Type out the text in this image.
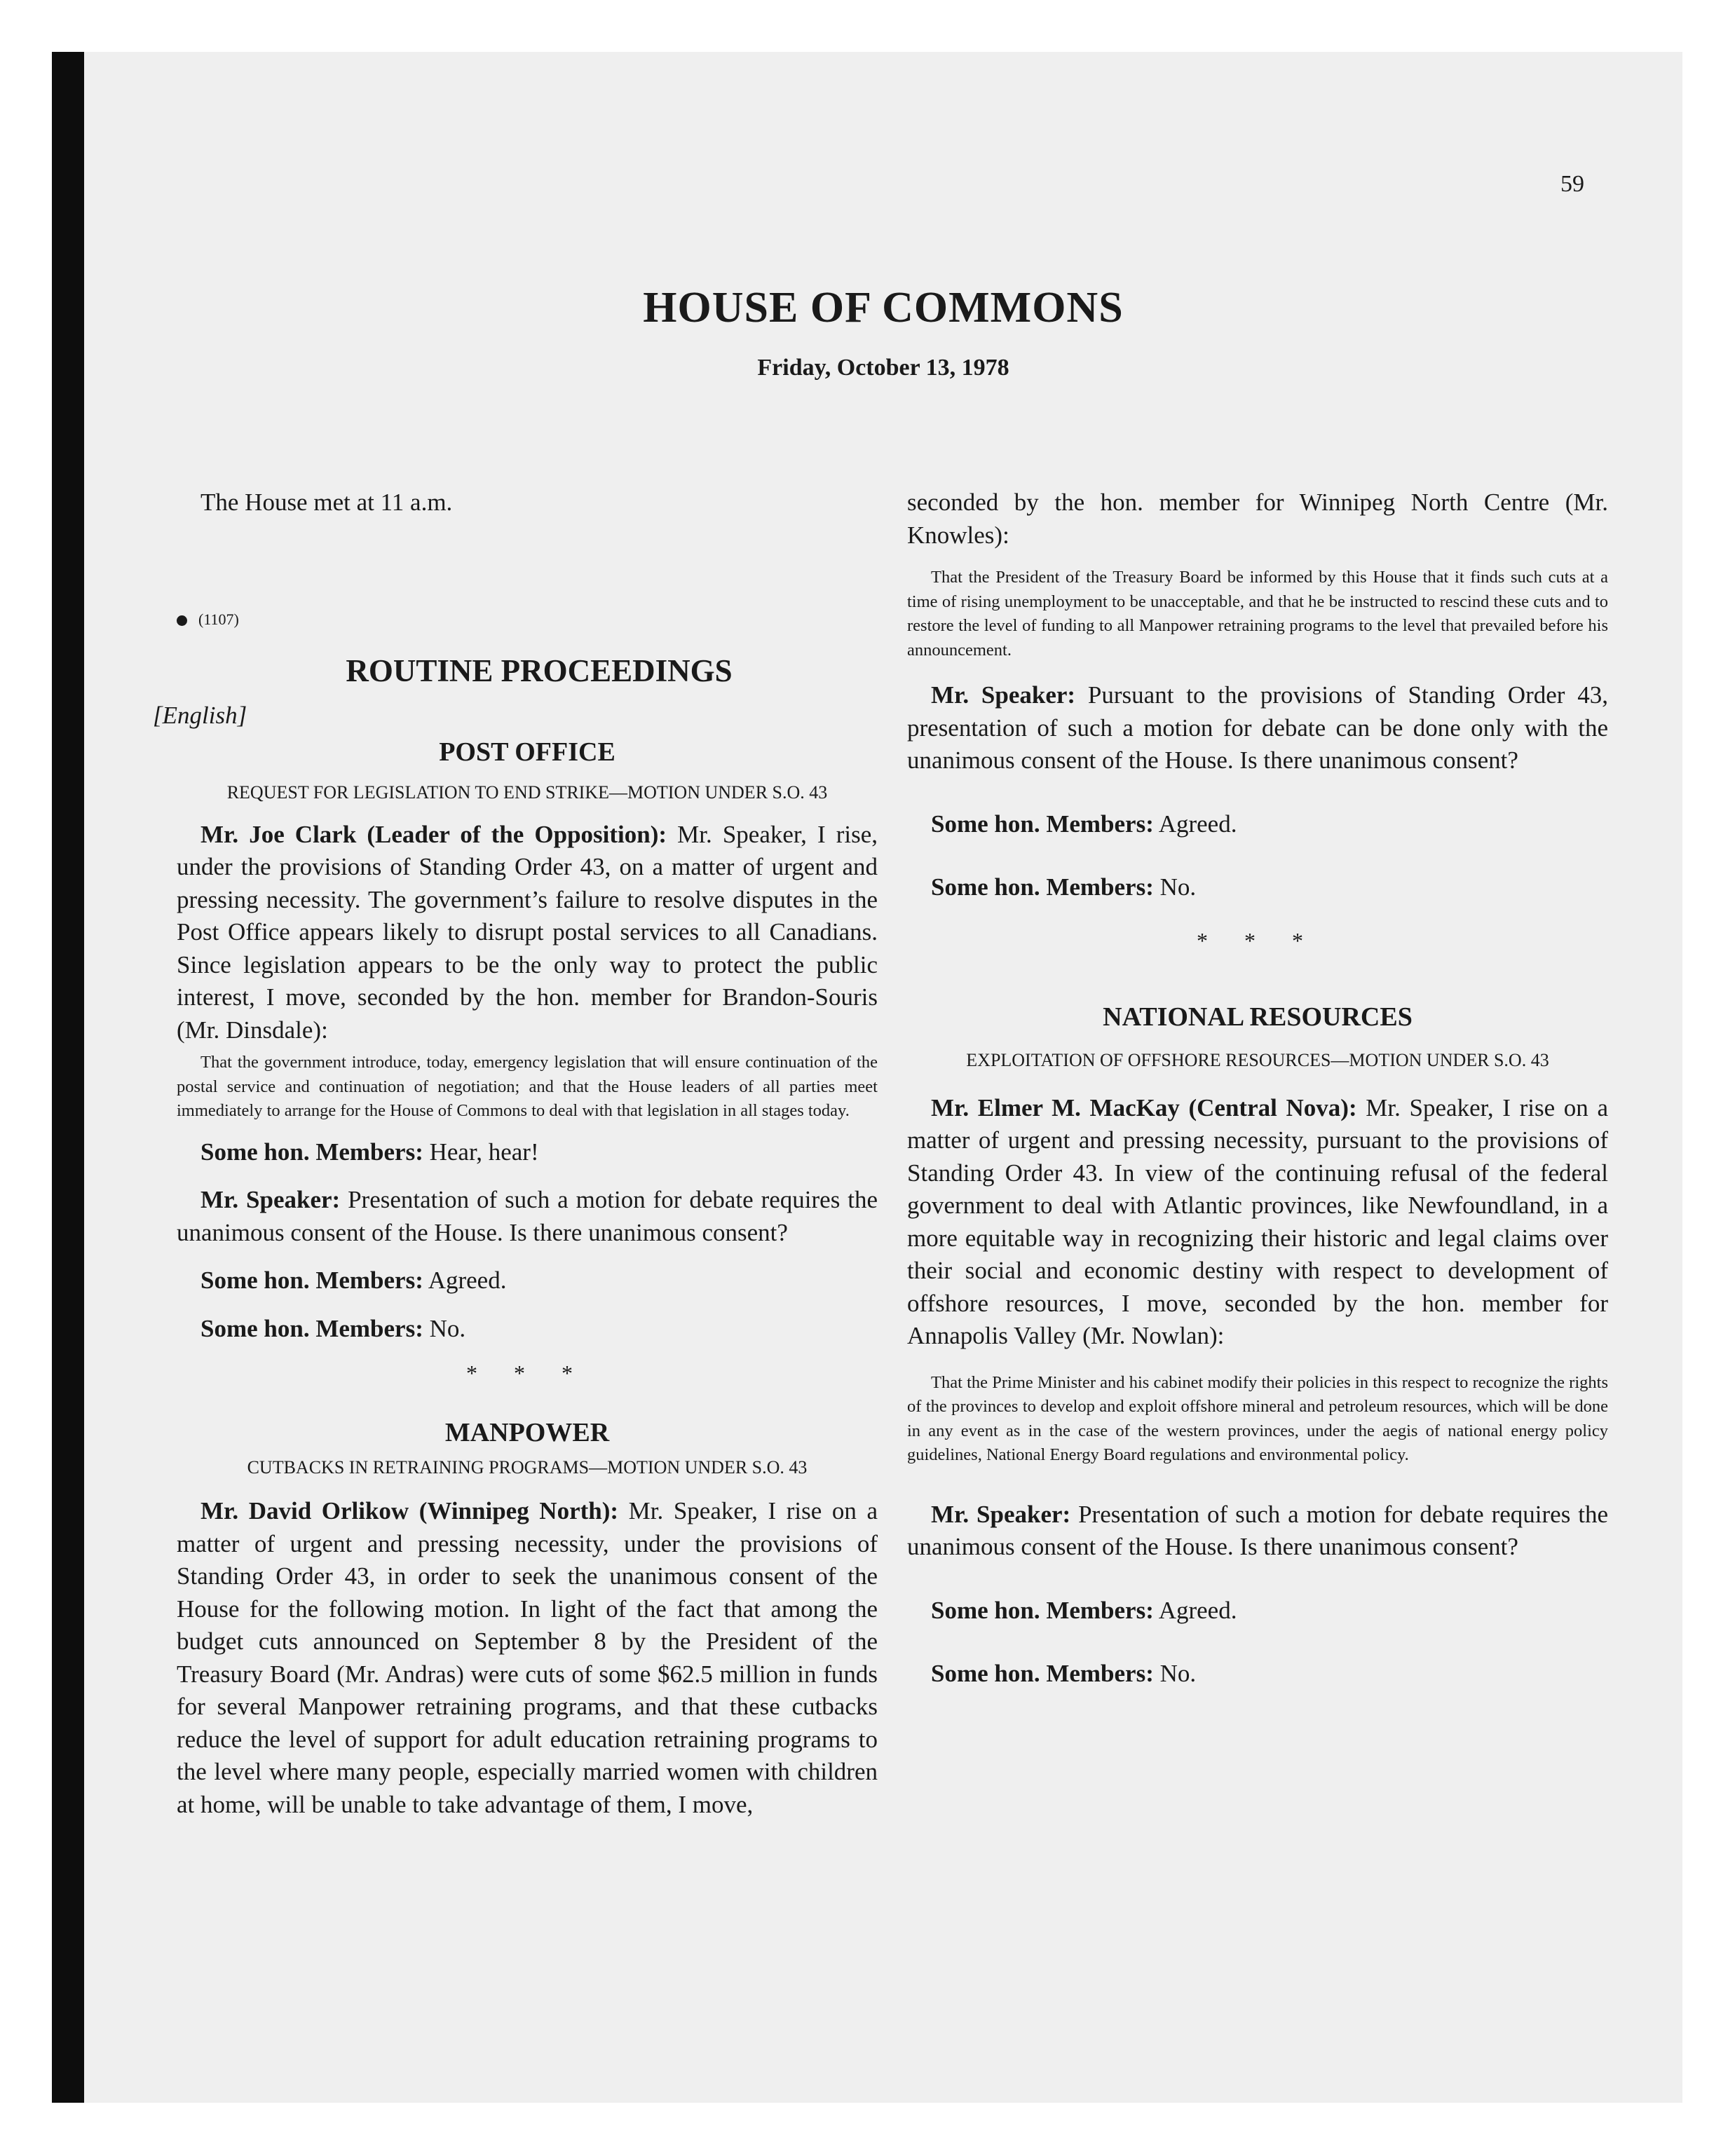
59
HOUSE OF COMMONS
Friday, October 13, 1978

The House met at 11 a.m.

(1107)

ROUTINE PROCEEDINGS

[English]

POST OFFICE

REQUEST FOR LEGISLATION TO END STRIKE—MOTION UNDER S.O. 43

Mr. Joe Clark (Leader of the Opposition): Mr. Speaker, I rise, under the provisions of Standing Order 43, on a matter of urgent and pressing necessity. The government’s failure to resolve disputes in the Post Office appears likely to disrupt postal services to all Canadians. Since legislation appears to be the only way to protect the public interest, I move, seconded by the hon. member for Brandon-Souris (Mr. Dinsdale):

That the government introduce, today, emergency legislation that will ensure continuation of the postal service and continuation of negotiation; and that the House leaders of all parties meet immediately to arrange for the House of Commons to deal with that legislation in all stages today.

Some hon. Members: Hear, hear!

Mr. Speaker: Presentation of such a motion for debate requires the unanimous consent of the House. Is there unanimous consent?

Some hon. Members: Agreed.

Some hon. Members: No.

* * *

MANPOWER

CUTBACKS IN RETRAINING PROGRAMS—MOTION UNDER S.O. 43

Mr. David Orlikow (Winnipeg North): Mr. Speaker, I rise on a matter of urgent and pressing necessity, under the provisions of Standing Order 43, in order to seek the unanimous consent of the House for the following motion. In light of the fact that among the budget cuts announced on September 8 by the President of the Treasury Board (Mr. Andras) were cuts of some $62.5 million in funds for several Manpower retraining programs, and that these cutbacks reduce the level of support for adult education retraining programs to the level where many people, especially married women with children at home, will be unable to take advantage of them, I move,

seconded by the hon. member for Winnipeg North Centre (Mr. Knowles):

That the President of the Treasury Board be informed by this House that it finds such cuts at a time of rising unemployment to be unacceptable, and that he be instructed to rescind these cuts and to restore the level of funding to all Manpower retraining programs to the level that prevailed before his announcement.

Mr. Speaker: Pursuant to the provisions of Standing Order 43, presentation of such a motion for debate can be done only with the unanimous consent of the House. Is there unanimous consent?

Some hon. Members: Agreed.

Some hon. Members: No.

* * *

NATIONAL RESOURCES

EXPLOITATION OF OFFSHORE RESOURCES—MOTION UNDER S.O. 43

Mr. Elmer M. MacKay (Central Nova): Mr. Speaker, I rise on a matter of urgent and pressing necessity, pursuant to the provisions of Standing Order 43. In view of the continuing refusal of the federal government to deal with Atlantic provinces, like Newfoundland, in a more equitable way in recognizing their historic and legal claims over their social and economic destiny with respect to development of offshore resources, I move, seconded by the hon. member for Annapolis Valley (Mr. Nowlan):

That the Prime Minister and his cabinet modify their policies in this respect to recognize the rights of the provinces to develop and exploit offshore mineral and petroleum resources, which will be done in any event as in the case of the western provinces, under the aegis of national energy policy guidelines, National Energy Board regulations and environmental policy.

Mr. Speaker: Presentation of such a motion for debate requires the unanimous consent of the House. Is there unanimous consent?

Some hon. Members: Agreed.

Some hon. Members: No.
